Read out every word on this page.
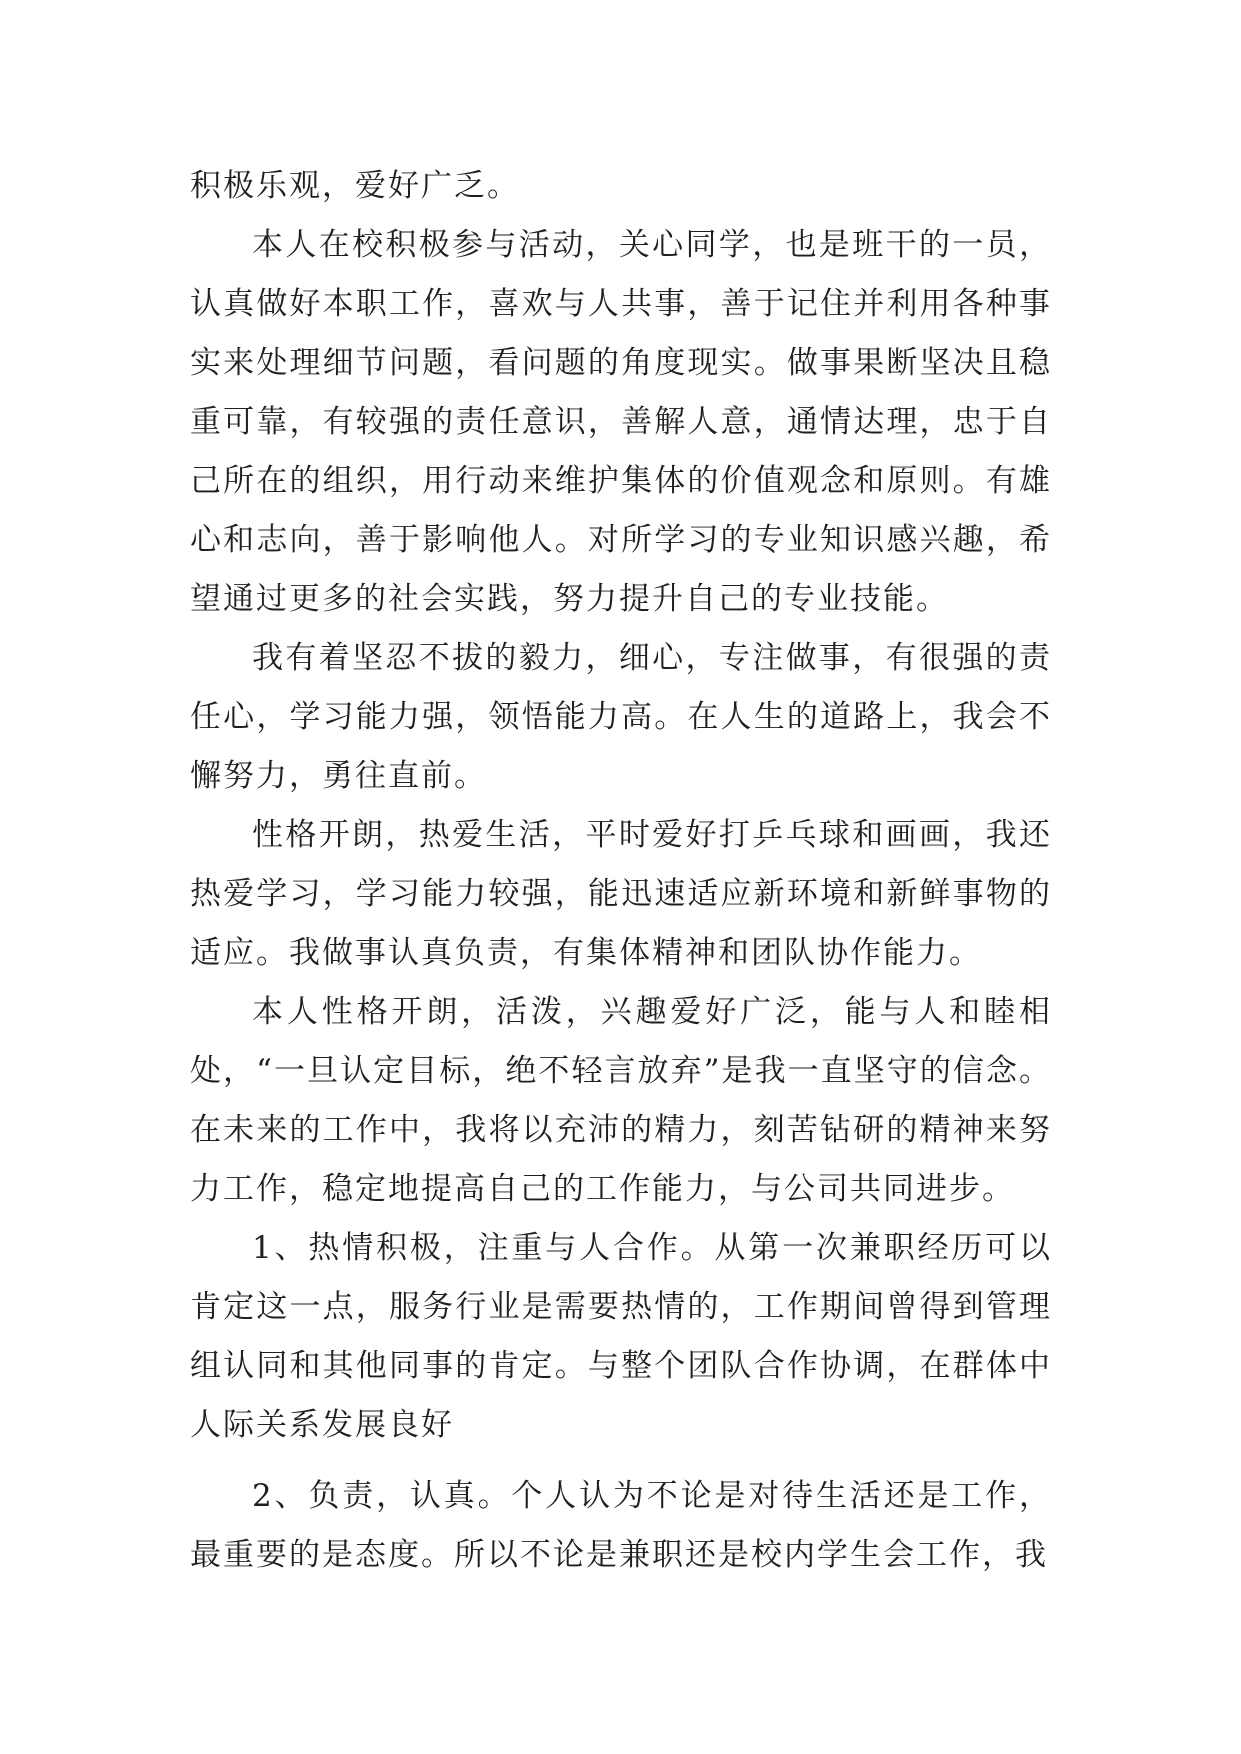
积极乐观，爱好广乏。

本人在校积极参与活动，关心同学，也是班干的一员，认真做好本职工作，喜欢与人共事，善于记住并利用各种事实来处理细节问题，看问题的角度现实。做事果断坚决且稳重可靠，有较强的责任意识，善解人意，通情达理，忠于自己所在的组织，用行动来维护集体的价值观念和原则。有雄心和志向，善于影响他人。对所学习的专业知识感兴趣，希望通过更多的社会实践，努力提升自己的专业技能。

我有着坚忍不拔的毅力，细心，专注做事，有很强的责任心，学习能力强，领悟能力高。在人生的道路上，我会不懈努力，勇往直前。

性格开朗，热爱生活，平时爱好打乒乓球和画画，我还热爱学习，学习能力较强，能迅速适应新环境和新鲜事物的适应。我做事认真负责，有集体精神和团队协作能力。

本人性格开朗，活泼，兴趣爱好广泛，能与人和睦相处，“一旦认定目标，绝不轻言放弃”是我一直坚守的信念。在未来的工作中，我将以充沛的精力，刻苦钻研的精神来努力工作，稳定地提高自己的工作能力，与公司共同进步。

1、热情积极，注重与人合作。从第一次兼职经历可以肯定这一点，服务行业是需要热情的，工作期间曾得到管理组认同和其他同事的肯定。与整个团队合作协调，在群体中人际关系发展良好

2、负责，认真。个人认为不论是对待生活还是工作，最重要的是态度。所以不论是兼职还是校内学生会工作，我
